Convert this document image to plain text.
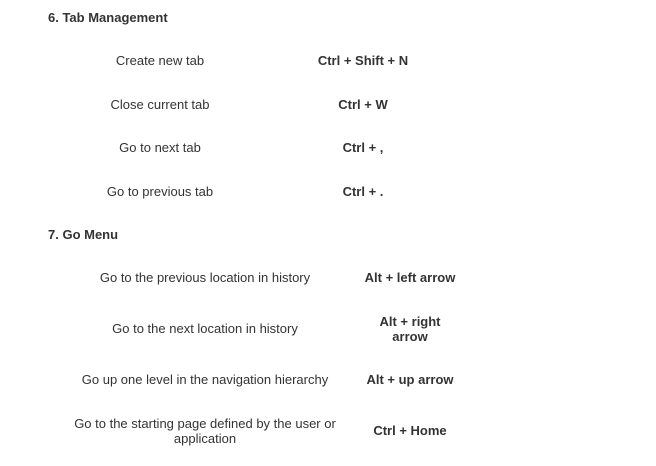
6. Tab Management
Create new tab	Ctrl + Shift + N
Close current tab	Ctrl + W
Go to next tab	Ctrl + ,
Go to previous tab	Ctrl + .
7. Go Menu
Go to the previous location in history	Alt + left arrow
Go to the next location in history	Alt + right arrow
Go up one level in the navigation hierarchy	Alt + up arrow
Go to the starting page defined by the user or application	Ctrl + Home
